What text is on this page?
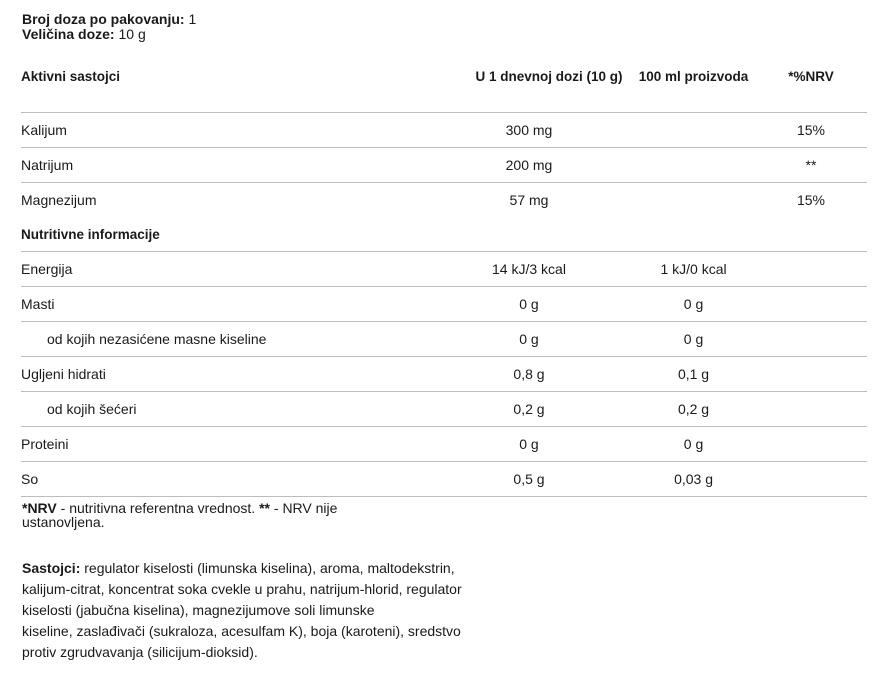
Broj doza po pakovanju: 1
Veličina doze: 10 g
Aktivni sastojci	U 1 dnevnoj dozi (10 g)	100 ml proizvoda	*%NRV
Kalijum	300 mg		15%
Natrijum	200 mg		**
Magnezijum	57 mg		15%
Nutritivne informacije			
Energija	14 kJ/3 kcal	1 kJ/0 kcal	
Masti	0 g	0 g	
od kojih nezasićene masne kiseline	0 g	0 g	
Ugljeni hidrati	0,8 g	0,1 g	
od kojih šećeri	0,2 g	0,2 g	
Proteini	0 g	0 g	
So	0,5 g	0,03 g	
*NRV - nutritivna referentna vrednost. ** - NRV nije ustanovljena.
Sastojci: regulator kiselosti (limunska kiselina), aroma, maltodekstrin,
kalijum-citrat, koncentrat soka cvekle u prahu, natrijum-hlorid, regulator
kiselosti (jabučna kiselina), magnezijumove soli limunske
kiseline, zaslađivači (sukraloza, acesulfam K), boja (karoteni), sredstvo
protiv zgrudvavanja (silicijum-dioksid).
